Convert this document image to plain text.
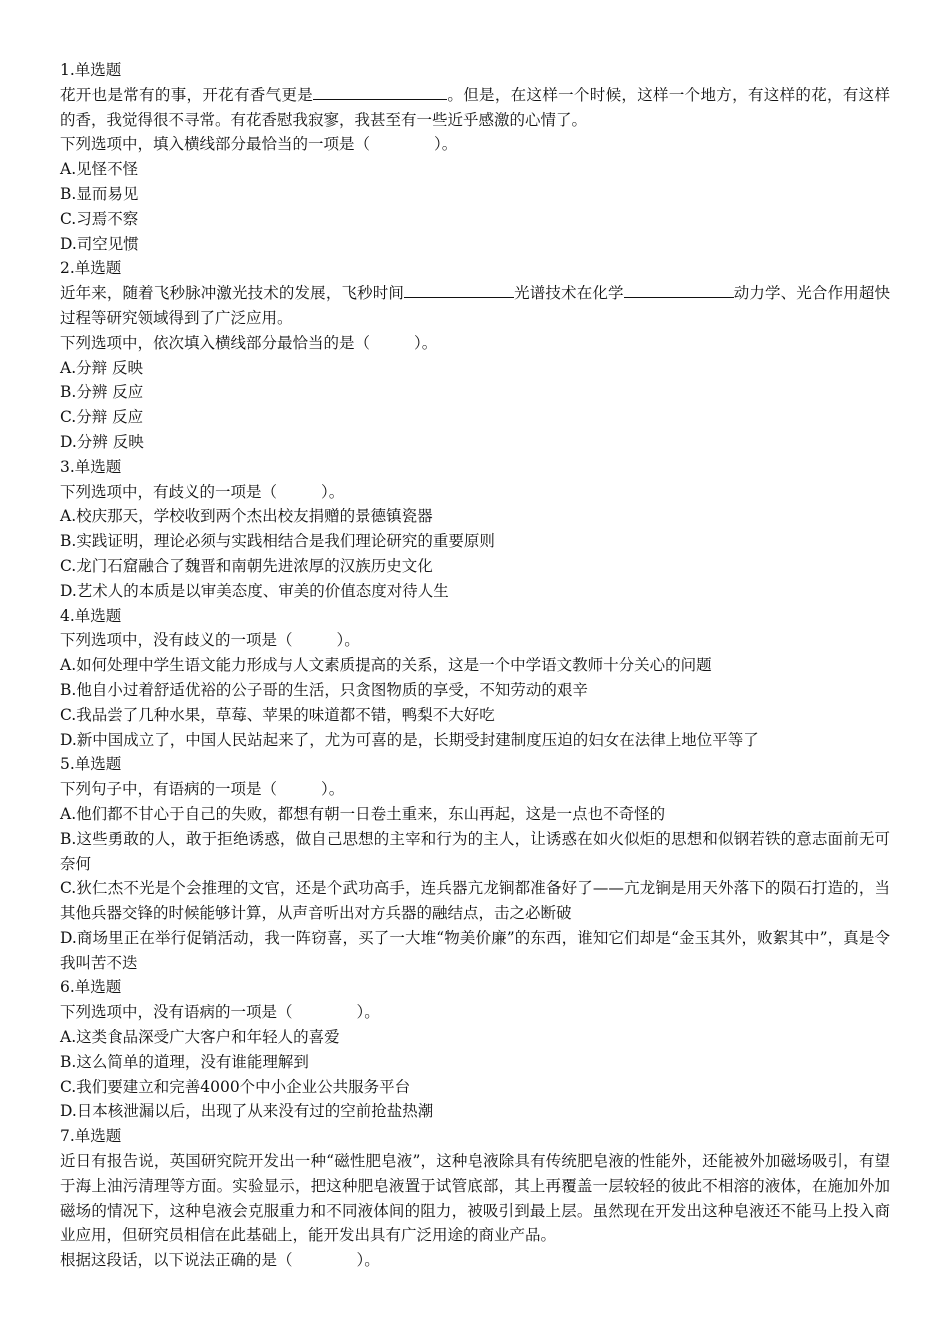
1.单选题

花开也是常有的事，开花有香气更是	。但是，在这样一个时候，这样一个地方，有这样的花，有这样的香，我觉得很不寻常。有花香慰我寂寥，我甚至有一些近乎感激的心情了。

下列选项中，填入横线部分最恰当的一项是（	）。

A.见怪不怪

B.显而易见

C.习焉不察

D.司空见惯

2.单选题

近年来，随着飞秒脉冲激光技术的发展，飞秒时间	光谱技术在化学	动力学、光合作用超快过程等研究领域得到了广泛应用。

下列选项中，依次填入横线部分最恰当的是（	）。

A.分辩 反映

B.分辨 反应

C.分辩 反应

D.分辨 反映

3.单选题

下列选项中，有歧义的一项是（	）。

A.校庆那天，学校收到两个杰出校友捐赠的景德镇瓷器

B.实践证明，理论必须与实践相结合是我们理论研究的重要原则

C.龙门石窟融合了魏晋和南朝先进浓厚的汉族历史文化

D.艺术人的本质是以审美态度、审美的价值态度对待人生

4.单选题

下列选项中，没有歧义的一项是（	）。

A.如何处理中学生语文能力形成与人文素质提高的关系，这是一个中学语文教师十分关心的问题

B.他自小过着舒适优裕的公子哥的生活，只贪图物质的享受，不知劳动的艰辛

C.我品尝了几种水果，草莓、苹果的味道都不错，鸭梨不大好吃

D.新中国成立了，中国人民站起来了，尤为可喜的是，长期受封建制度压迫的妇女在法律上地位平等了

5.单选题

下列句子中，有语病的一项是（	）。

A.他们都不甘心于自己的失败，都想有朝一日卷土重来，东山再起，这是一点也不奇怪的

B.这些勇敢的人，敢于拒绝诱惑，做自己思想的主宰和行为的主人，让诱惑在如火似炬的思想和似钢若铁的意志面前无可奈何

C.狄仁杰不光是个会推理的文官，还是个武功高手，连兵器亢龙锏都准备好了——亢龙锏是用天外落下的陨石打造的，当其他兵器交锋的时候能够计算，从声音听出对方兵器的融结点，击之必断破

D.商场里正在举行促销活动，我一阵窃喜，买了一大堆“物美价廉”的东西，谁知它们却是“金玉其外，败絮其中”，真是令我叫苦不迭

6.单选题

下列选项中，没有语病的一项是（	）。

A.这类食品深受广大客户和年轻人的喜爱

B.这么简单的道理，没有谁能理解到

C.我们要建立和完善4000个中小企业公共服务平台

D.日本核泄漏以后，出现了从来没有过的空前抢盐热潮

7.单选题

近日有报告说，英国研究院开发出一种“磁性肥皂液”，这种皂液除具有传统肥皂液的性能外，还能被外加磁场吸引，有望于海上油污清理等方面。实验显示，把这种肥皂液置于试管底部，其上再覆盖一层较轻的彼此不相溶的液体，在施加外加磁场的情况下，这种皂液会克服重力和不同液体间的阻力，被吸引到最上层。虽然现在开发出这种皂液还不能马上投入商业应用，但研究员相信在此基础上，能开发出具有广泛用途的商业产品。

根据这段话，以下说法正确的是（	）。
